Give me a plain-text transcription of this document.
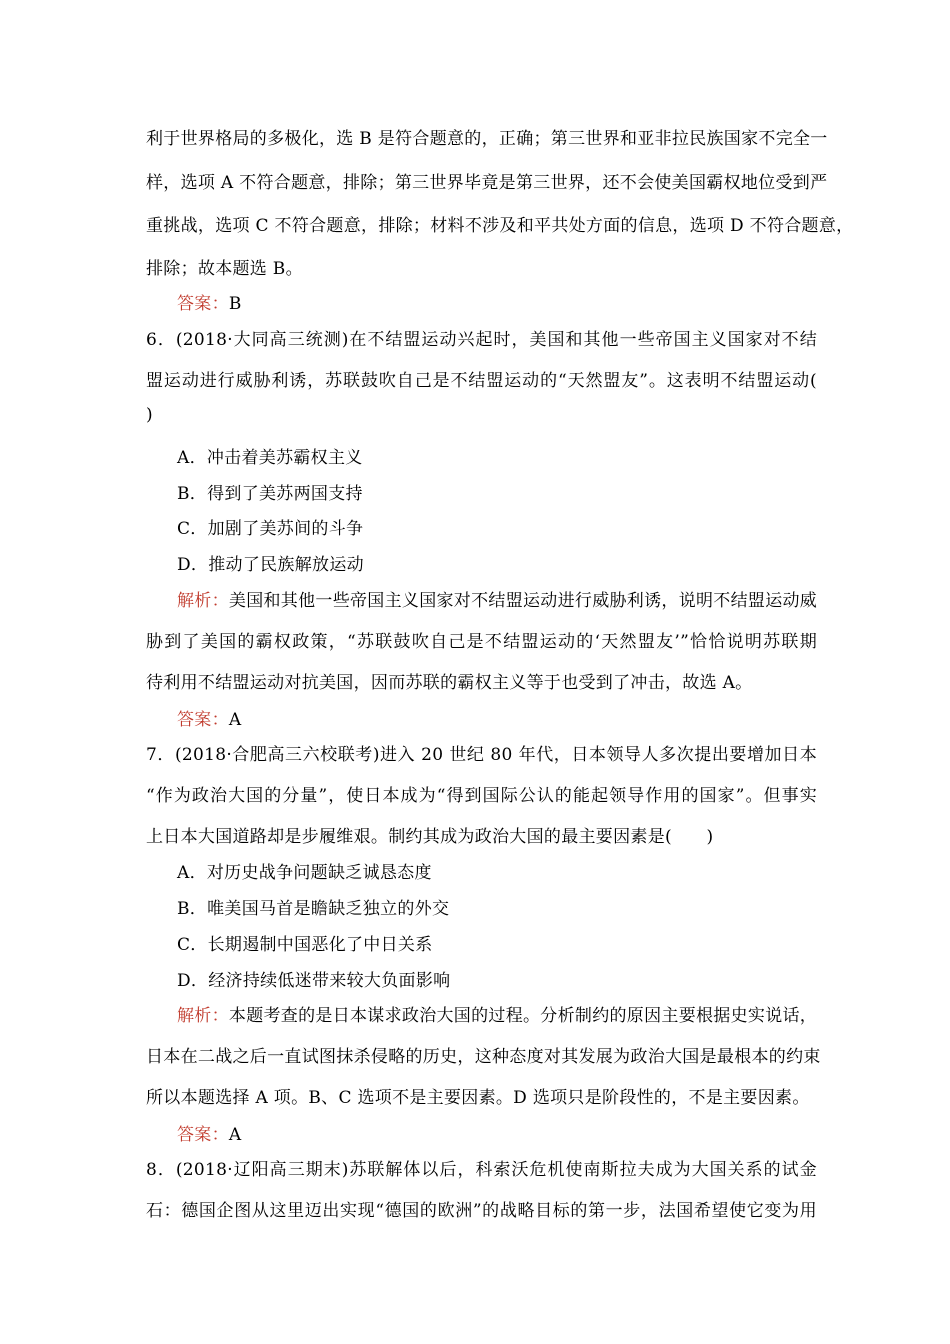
利于世界格局的多极化，选 B 是符合题意的，正确；第三世界和亚非拉民族国家不完全一
样，选项 A 不符合题意，排除；第三世界毕竟是第三世界，还不会使美国霸权地位受到严
重挑战，选项 C 不符合题意，排除；材料不涉及和平共处方面的信息，选项 D 不符合题意，
排除；故本题选 B。
答案：B
6．(2018·大同高三统测)在不结盟运动兴起时，美国和其他一些帝国主义国家对不结
盟运动进行威胁利诱，苏联鼓吹自己是不结盟运动的“天然盟友”。这表明不结盟运动(
)
A．冲击着美苏霸权主义
B．得到了美苏两国支持
C．加剧了美苏间的斗争
D．推动了民族解放运动
解析：美国和其他一些帝国主义国家对不结盟运动进行威胁利诱，说明不结盟运动威
胁到了美国的霸权政策，“苏联鼓吹自己是不结盟运动的‘天然盟友’”恰恰说明苏联期
待利用不结盟运动对抗美国，因而苏联的霸权主义等于也受到了冲击，故选 A。
答案：A
7．(2018·合肥高三六校联考)进入 20 世纪 80 年代，日本领导人多次提出要增加日本
“作为政治大国的分量”，使日本成为“得到国际公认的能起领导作用的国家”。但事实
上日本大国道路却是步履维艰。制约其成为政治大国的最主要因素是(　　)
A．对历史战争问题缺乏诚恳态度
B．唯美国马首是瞻缺乏独立的外交
C．长期遏制中国恶化了中日关系
D．经济持续低迷带来较大负面影响
解析：本题考查的是日本谋求政治大国的过程。分析制约的原因主要根据史实说话，
日本在二战之后一直试图抹杀侵略的历史，这种态度对其发展为政治大国是最根本的约束
所以本题选择 A 项。B、C 选项不是主要因素。D 选项只是阶段性的，不是主要因素。
答案：A
8．(2018·辽阳高三期末)苏联解体以后，科索沃危机使南斯拉夫成为大国关系的试金
石：德国企图从这里迈出实现“德国的欧洲”的战略目标的第一步，法国希望使它变为用
